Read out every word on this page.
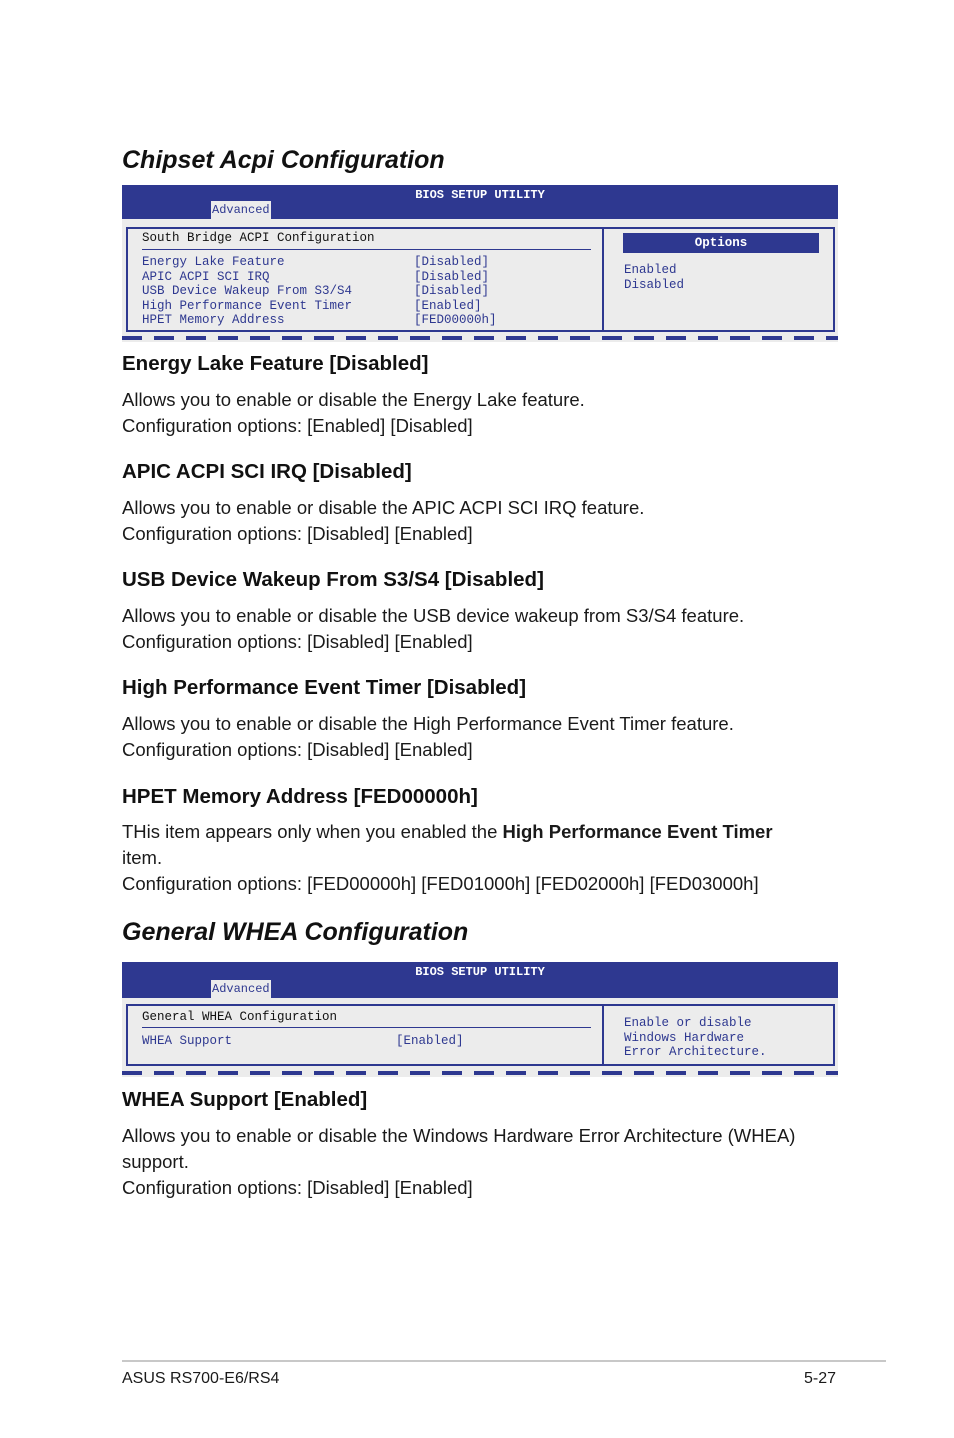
Chipset Acpi Configuration
BIOS SETUP UTILITY
Advanced
South Bridge ACPI Configuration
Energy Lake Feature	[Disabled]
APIC ACPI SCI IRQ	[Disabled]
USB Device Wakeup From S3/S4	[Disabled]
High Performance Event Timer	[Enabled]
HPET Memory Address	[FED00000h]
Options
Enabled
Disabled
Energy Lake Feature [Disabled]

Allows you to enable or disable the Energy Lake feature.
Configuration options: [Enabled] [Disabled]

APIC ACPI SCI IRQ [Disabled]

Allows you to enable or disable the APIC ACPI SCI IRQ feature.
Configuration options: [Disabled] [Enabled]

USB Device Wakeup From S3/S4 [Disabled]

Allows you to enable or disable the USB device wakeup from S3/S4 feature.
Configuration options: [Disabled] [Enabled]

High Performance Event Timer [Disabled]

Allows you to enable or disable the High Performance Event Timer feature.
Configuration options: [Disabled] [Enabled]

HPET Memory Address [FED00000h]

THis item appears only when you enabled the High Performance Event Timer
item.
Configuration options: [FED00000h] [FED01000h] [FED02000h] [FED03000h]

General WHEA Configuration
BIOS SETUP UTILITY
Advanced
General WHEA Configuration
WHEA Support	[Enabled]
Enable or disable
Windows Hardware
Error Architecture.
WHEA Support [Enabled]

Allows you to enable or disable the Windows Hardware Error Architecture (WHEA)
support.
Configuration options: [Disabled] [Enabled]

ASUS RS700-E6/RS4	5-27
